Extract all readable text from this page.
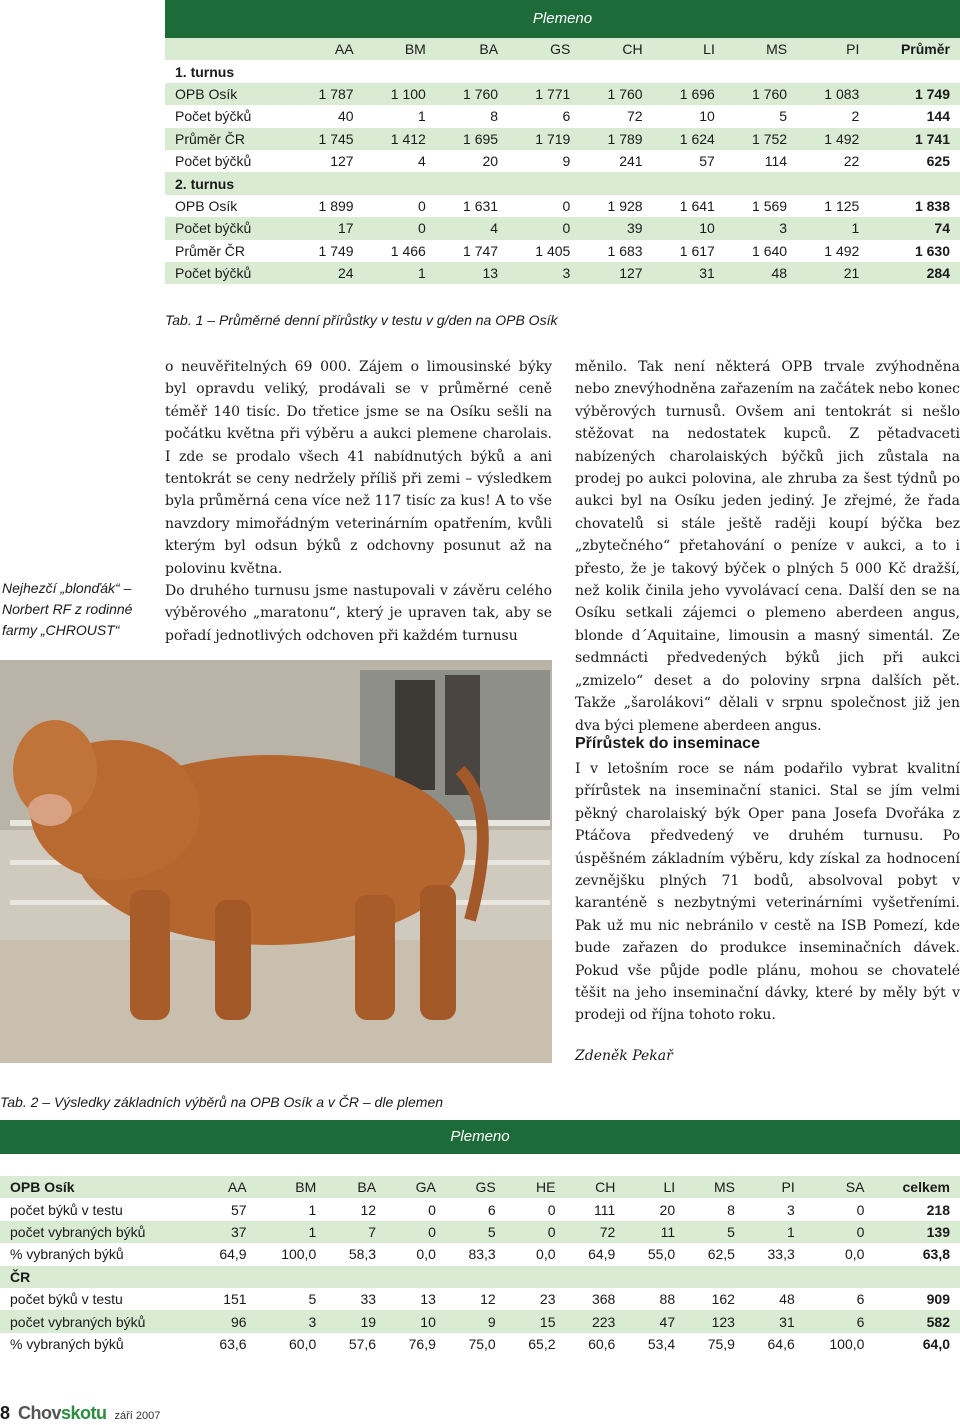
Plemeno
	AA	BM	BA	GS	CH	LI	MS	PI	Průměr
1. turnus									
OPB Osík	1 787	1 100	1 760	1 771	1 760	1 696	1 760	1 083	1 749
Počet býčků	40	1	8	6	72	10	5	2	144
Průměr ČR	1 745	1 412	1 695	1 719	1 789	1 624	1 752	1 492	1 741
Počet býčků	127	4	20	9	241	57	114	22	625
2. turnus									
OPB Osík	1 899	0	1 631	0	1 928	1 641	1 569	1 125	1 838
Počet býčků	17	0	4	0	39	10	3	1	74
Průměr ČR	1 749	1 466	1 747	1 405	1 683	1 617	1 640	1 492	1 630
Počet býčků	24	1	13	3	127	31	48	21	284
Tab. 1 – Průměrné denní přírůstky v testu v g/den na OPB Osík
Nejhezčí „blonďák“ – Norbert RF z rodinné farmy „CHROUST“

o neuvěřitelných 69 000. Zájem o limousinské býky byl opravdu veliký, prodávali se v průměrné ceně téměř 140 tisíc. Do třetice jsme se na Osíku sešli na počátku května při výběru a aukci plemene charolais. I zde se prodalo všech 41 nabídnutých býků a ani tentokrát se ceny nedržely příliš při zemi – výsledkem byla průměrná cena více než 117 tisíc za kus! A to vše navzdory mimořádným veterinárním opatřením, kvůli kterým byl odsun býků z odchovny posunut až na polovinu května.

Do druhého turnusu jsme nastupovali v závěru celého výběrového „maratonu“, který je upraven tak, aby se pořadí jednotlivých odchoven při každém turnusu

měnilo. Tak není některá OPB trvale zvýhodněna nebo znevýhodněna zařazením na začátek nebo konec výběrových turnusů. Ovšem ani tentokrát si nešlo stěžovat na nedostatek kupců. Z pětadvaceti nabízených charolaiských býčků jich zůstala na prodej po aukci polovina, ale zhruba za šest týdnů po aukci byl na Osíku jeden jediný. Je zřejmé, že řada chovatelů si stále ještě raději koupí býčka bez „zbytečného“ přetahování o peníze v aukci, a to i přesto, že je takový býček o plných 5 000 Kč dražší, než kolik činila jeho vyvolávací cena. Další den se na Osíku setkali zájemci o plemeno aberdeen angus, blonde d´Aquitaine, limousin a masný simentál. Ze sedmnácti předvedených býků jich při aukci „zmizelo“ deset a do poloviny srpna dalších pět. Takže „šarolákovi“ dělali v srpnu společnost již jen dva býci plemene aberdeen angus.

Přírůstek do inseminace

I v letošním roce se nám podařilo vybrat kvalitní přírůstek na inseminační stanici. Stal se jím velmi pěkný charolaiský býk Oper pana Josefa Dvořáka z Ptáčova předvedený ve druhém turnusu. Po úspěšném základním výběru, kdy získal za hodnocení zevnějšku plných 71 bodů, absolvoval pobyt v karanténě s nezbytnými veterinárními vyšetřeními. Pak už mu nic nebránilo v cestě na ISB Pomezí, kde bude zařazen do produkce inseminačních dávek. Pokud vše půjde podle plánu, mohou se chovatelé těšit na jeho inseminační dávky, které by měly být v prodeji od října tohoto roku.

Zdeněk Pekař
Tab. 2 – Výsledky základních výběrů na OPB Osík a v ČR – dle plemen
Plemeno
OPB Osík	AA	BM	BA	GA	GS	HE	CH	LI	MS	PI	SA	celkem
počet býků v testu	57	1	12	0	6	0	111	20	8	3	0	218
počet vybraných býků	37	1	7	0	5	0	72	11	5	1	0	139
% vybraných býků	64,9	100,0	58,3	0,0	83,3	0,0	64,9	55,0	62,5	33,3	0,0	63,8
ČR												
počet býků v testu	151	5	33	13	12	23	368	88	162	48	6	909
počet vybraných býků	96	3	19	10	9	15	223	47	123	31	6	582
% vybraných býků	63,6	60,0	57,6	76,9	75,0	65,2	60,6	53,4	75,9	64,6	100,0	64,0
8 Chovskotu září 2007
